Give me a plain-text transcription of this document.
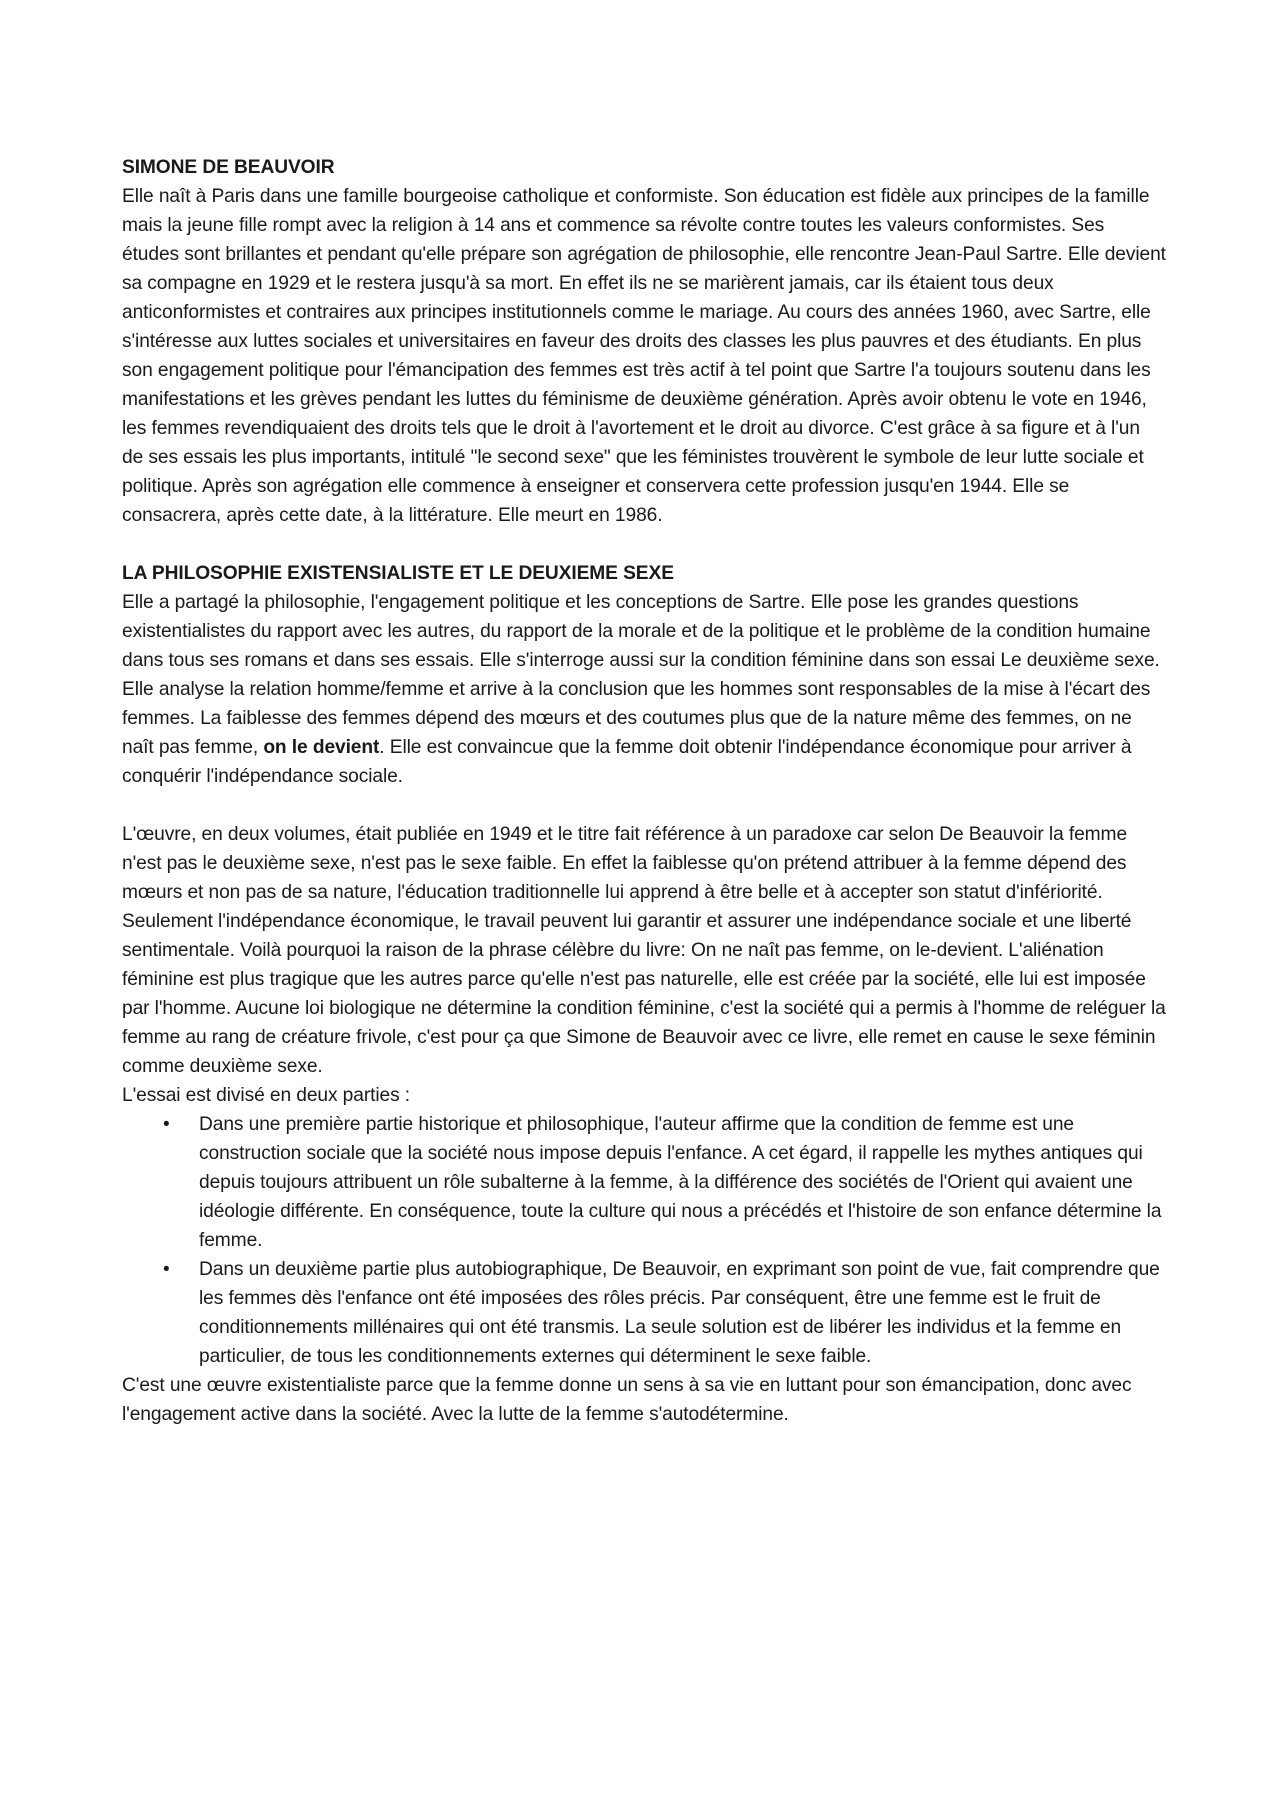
SIMONE DE BEAUVOIR

Elle naît à Paris dans une famille bourgeoise catholique et conformiste. Son éducation est fidèle aux principes de la famille mais la jeune fille rompt avec la religion à 14 ans et commence sa révolte contre toutes les valeurs conformistes. Ses études sont brillantes et pendant qu'elle prépare son agrégation de philosophie, elle rencontre Jean-Paul Sartre. Elle devient sa compagne en 1929 et le restera jusqu'à sa mort. En effet ils ne se marièrent jamais, car ils étaient tous deux anticonformistes et contraires aux principes institutionnels comme le mariage. Au cours des années 1960, avec Sartre, elle s'intéresse aux luttes sociales et universitaires en faveur des droits des classes les plus pauvres et des étudiants. En plus son engagement politique pour l'émancipation des femmes est très actif à tel point que Sartre l'a toujours soutenu dans les manifestations et les grèves pendant les luttes du féminisme de deuxième génération. Après avoir obtenu le vote en 1946, les femmes revendiquaient des droits tels que le droit à l'avortement et le droit au divorce. C'est grâce à sa figure et à l'un de ses essais les plus importants, intitulé "le second sexe" que les féministes trouvèrent le symbole de leur lutte sociale et politique. Après son agrégation elle commence à enseigner et conservera cette profession jusqu'en 1944. Elle se consacrera, après cette date, à la littérature. Elle meurt en 1986.

LA PHILOSOPHIE EXISTENSIALISTE ET LE DEUXIEME SEXE

Elle a partagé la philosophie, l'engagement politique et les conceptions de Sartre. Elle pose les grandes questions existentialistes du rapport avec les autres, du rapport de la morale et de la politique et le problème de la condition humaine dans tous ses romans et dans ses essais. Elle s'interroge aussi sur la condition féminine dans son essai Le deuxième sexe. Elle analyse la relation homme/femme et arrive à la conclusion que les hommes sont responsables de la mise à l'écart des femmes. La faiblesse des femmes dépend des mœurs et des coutumes plus que de la nature même des femmes, on ne naît pas femme, on le devient. Elle est convaincue que la femme doit obtenir l'indépendance économique pour arriver à conquérir l'indépendance sociale.

L'œuvre, en deux volumes, était publiée en 1949 et le titre fait référence à un paradoxe car selon De Beauvoir la femme n'est pas le deuxième sexe, n'est pas le sexe faible. En effet la faiblesse qu'on prétend attribuer à la femme dépend des mœurs et non pas de sa nature, l'éducation traditionnelle lui apprend à être belle et à accepter son statut d'infériorité. Seulement l'indépendance économique, le travail peuvent lui garantir et assurer une indépendance sociale et une liberté sentimentale. Voilà pourquoi la raison de la phrase célèbre du livre: On ne naît pas femme, on le-devient. L'aliénation féminine est plus tragique que les autres parce qu'elle n'est pas naturelle, elle est créée par la société, elle lui est imposée par l'homme. Aucune loi biologique ne détermine la condition féminine, c'est la société qui a permis à l'homme de reléguer la femme au rang de créature frivole, c'est pour ça que Simone de Beauvoir avec ce livre, elle remet en cause le sexe féminin comme deuxième sexe.

L'essai est divisé en deux parties :

• Dans une première partie historique et philosophique, l'auteur affirme que la condition de femme est une construction sociale que la société nous impose depuis l'enfance. A cet égard, il rappelle les mythes antiques qui depuis toujours attribuent un rôle subalterne à la femme, à la différence des sociétés de l'Orient qui avaient une idéologie différente. En conséquence, toute la culture qui nous a précédés et l'histoire de son enfance détermine la femme.
• Dans un deuxième partie plus autobiographique, De Beauvoir, en exprimant son point de vue, fait comprendre que les femmes dès l'enfance ont été imposées des rôles précis. Par conséquent, être une femme est le fruit de conditionnements millénaires qui ont été transmis. La seule solution est de libérer les individus et la femme en particulier, de tous les conditionnements externes qui déterminent le sexe faible.

C'est une œuvre existentialiste parce que la femme donne un sens à sa vie en luttant pour son émancipation, donc avec l'engagement active dans la société. Avec la lutte de la femme s'autodétermine.
